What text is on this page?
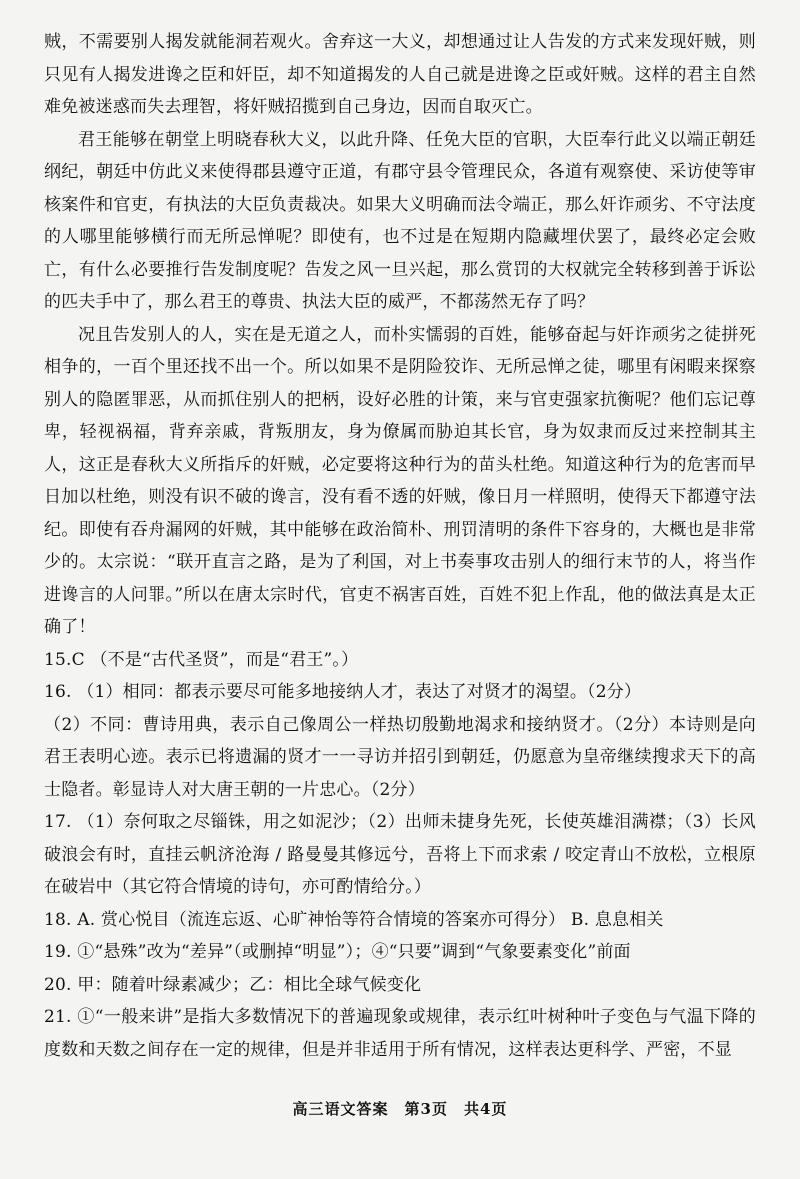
贼，不需要别人揭发就能洞若观火。舍弃这一大义，却想通过让人告发的方式来发现奸贼，则只见有人揭发进谗之臣和奸臣，却不知道揭发的人自己就是进谗之臣或奸贼。这样的君主自然难免被迷惑而失去理智，将奸贼招揽到自己身边，因而自取灭亡。

君王能够在朝堂上明晓春秋大义，以此升降、任免大臣的官职，大臣奉行此义以端正朝廷纲纪，朝廷中仿此义来使得郡县遵守正道，有郡守县令管理民众，各道有观察使、采访使等审核案件和官吏，有执法的大臣负责裁决。如果大义明确而法令端正，那么奸诈顽劣、不守法度的人哪里能够横行而无所忌惮呢？即使有，也不过是在短期内隐藏埋伏罢了，最终必定会败亡，有什么必要推行告发制度呢？告发之风一旦兴起，那么赏罚的大权就完全转移到善于诉讼的匹夫手中了，那么君王的尊贵、执法大臣的威严，不都荡然无存了吗？

况且告发别人的人，实在是无道之人，而朴实懦弱的百姓，能够奋起与奸诈顽劣之徒拼死相争的，一百个里还找不出一个。所以如果不是阴险狡诈、无所忌惮之徒，哪里有闲暇来探察别人的隐匿罪恶，从而抓住别人的把柄，设好必胜的计策，来与官吏强家抗衡呢？他们忘记尊卑，轻视祸福，背弃亲戚，背叛朋友，身为僚属而胁迫其长官，身为奴隶而反过来控制其主人，这正是春秋大义所指斥的奸贼，必定要将这种行为的苗头杜绝。知道这种行为的危害而早日加以杜绝，则没有识不破的谗言，没有看不透的奸贼，像日月一样照明，使得天下都遵守法纪。即使有吞舟漏网的奸贼，其中能够在政治简朴、刑罚清明的条件下容身的，大概也是非常少的。太宗说：“联开直言之路，是为了利国，对上书奏事攻击别人的细行末节的人，将当作进谗言的人问罪。”所以在唐太宗时代，官吏不祸害百姓，百姓不犯上作乱，他的做法真是太正确了！

15.C （不是“古代圣贤”，而是“君王”。）

16. （1）相同：都表示要尽可能多地接纳人才，表达了对贤才的渴望。（2分）

（2）不同：曹诗用典，表示自己像周公一样热切殷勤地渴求和接纳贤才。（2分）本诗则是向君王表明心迹。表示已将遗漏的贤才一一寻访并招引到朝廷，仍愿意为皇帝继续搜求天下的高士隐者。彰显诗人对大唐王朝的一片忠心。（2分）

17. （1）奈何取之尽锱铢，用之如泥沙；（2）出师未捷身先死，长使英雄泪满襟；（3）长风破浪会有时，直挂云帆济沧海 / 路曼曼其修远兮，吾将上下而求索 / 咬定青山不放松，立根原在破岩中（其它符合情境的诗句，亦可酌情给分。）

18. A. 赏心悦目（流连忘返、心旷神怡等符合情境的答案亦可得分） B. 息息相关

19. ①“悬殊”改为“差异”（或删掉“明显”）；④“只要”调到“气象要素变化”前面

20. 甲：随着叶绿素减少；乙：相比全球气候变化

21. ①“一般来讲”是指大多数情况下的普遍现象或规律，表示红叶树种叶子变色与气温下降的度数和天数之间存在一定的规律，但是并非适用于所有情况，这样表达更科学、严密，不显

高三语文答案　第3页　共4页
